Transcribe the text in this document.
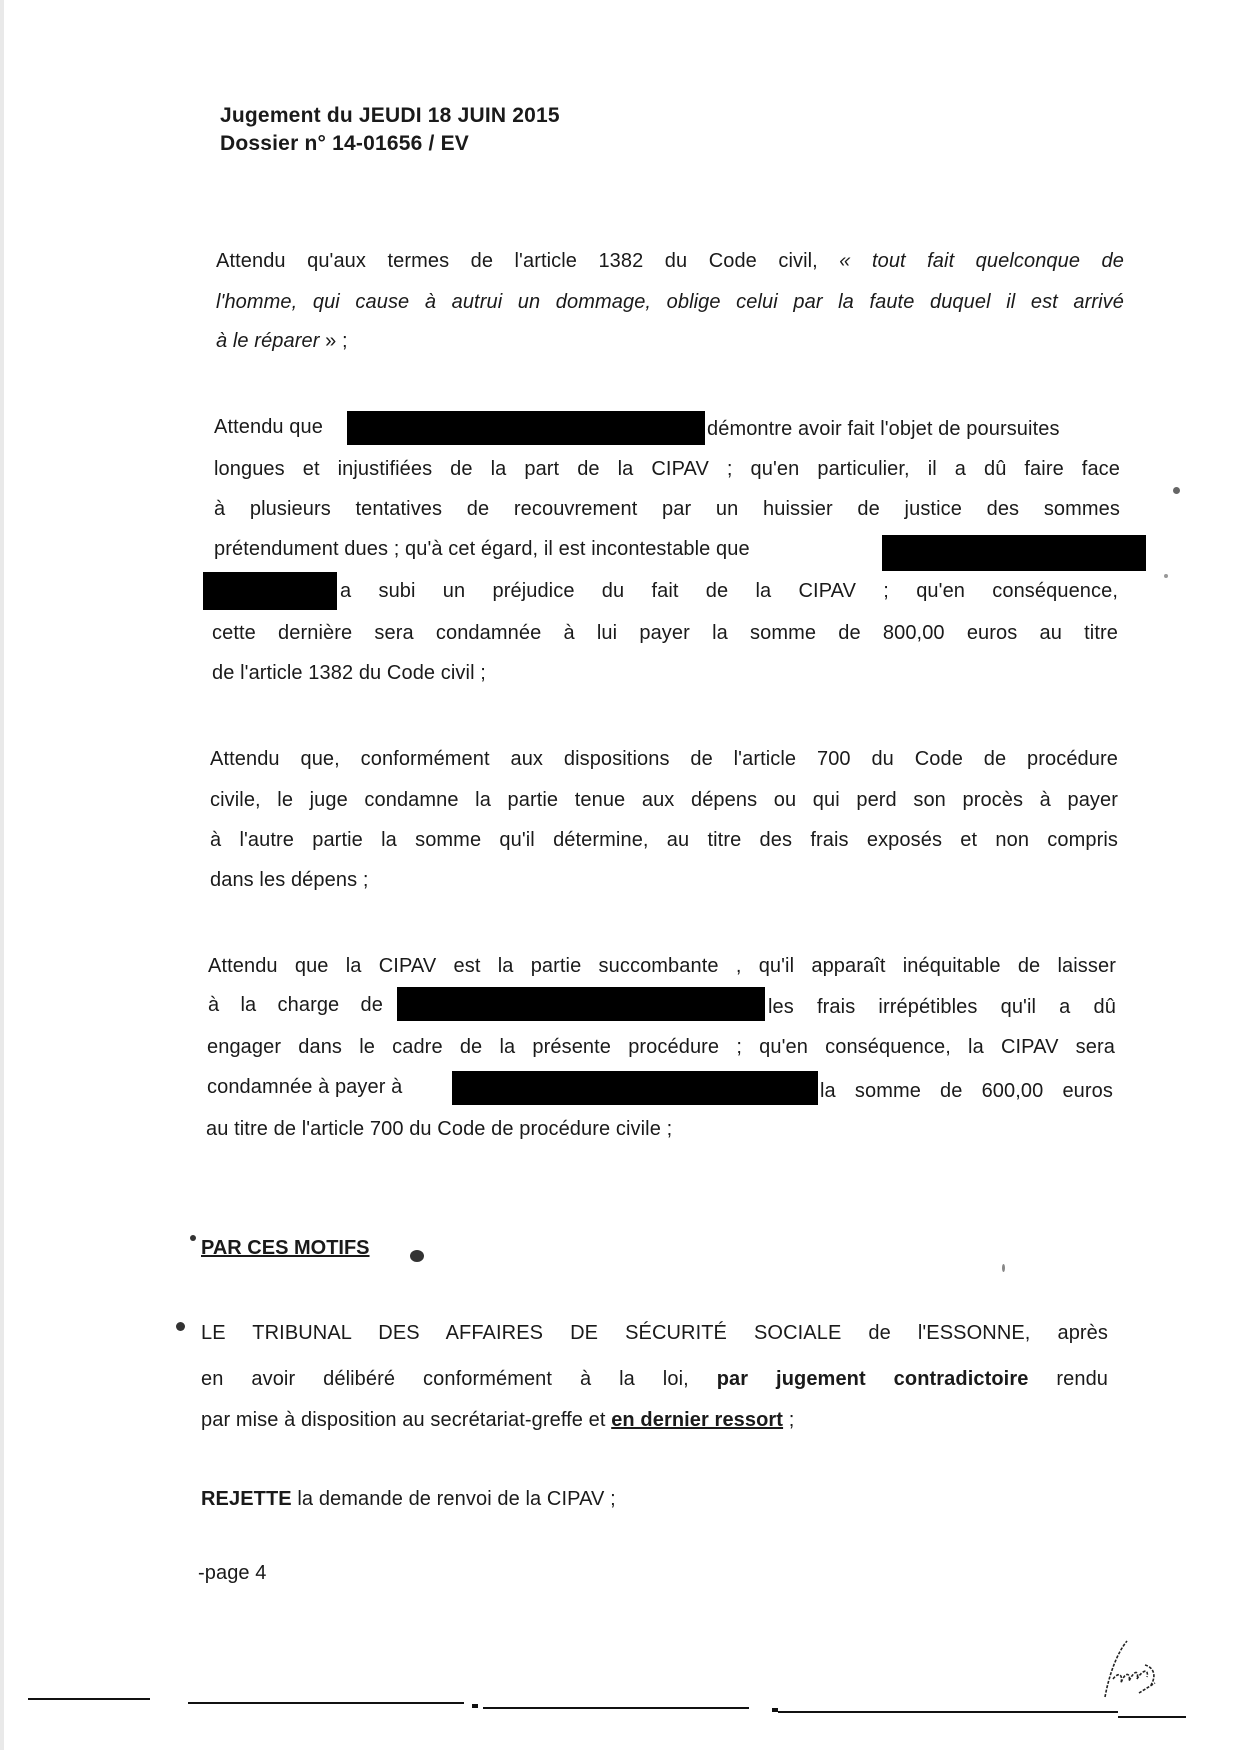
Jugement du JEUDI 18 JUIN 2015
Dossier n° 14-01656 / EV
Attendu qu'aux termes de l'article 1382 du Code civil, « tout fait quelconque de
l'homme, qui cause à autrui un dommage, oblige celui par la faute duquel il est arrivé
à le réparer » ;
Attendu que	démontre avoir fait l'objet de poursuites
longues et injustifiées de la part de la CIPAV ; qu'en particulier, il a dû faire face
à plusieurs tentatives de recouvrement par un huissier de justice des sommes
prétendument dues ; qu'à cet égard, il est incontestable que
a subi un préjudice du fait de la CIPAV ; qu'en conséquence,
cette dernière sera condamnée à lui payer la somme de 800,00 euros au titre
de l'article 1382 du Code civil ;
Attendu que, conformément aux dispositions de l'article 700 du Code de procédure
civile, le juge condamne la partie tenue aux dépens ou qui perd son procès à payer
à l'autre partie la somme qu'il détermine, au titre des frais exposés et non compris
dans les dépens ;
Attendu que la CIPAV est la partie succombante , qu'il apparaît inéquitable de laisser
à la charge de	les frais irrépétibles qu'il a dû
engager dans le cadre de la présente procédure ; qu'en conséquence, la CIPAV sera
condamnée à payer à	la somme de 600,00 euros
au titre de l'article 700 du Code de procédure civile ;
PAR CES MOTIFS
LE TRIBUNAL DES AFFAIRES DE SÉCURITÉ SOCIALE de l'ESSONNE, après
en avoir délibéré conformément à la loi, par jugement contradictoire rendu
par mise à disposition au secrétariat-greffe et en dernier ressort ;
REJETTE la demande de renvoi de la CIPAV ;
-page 4
